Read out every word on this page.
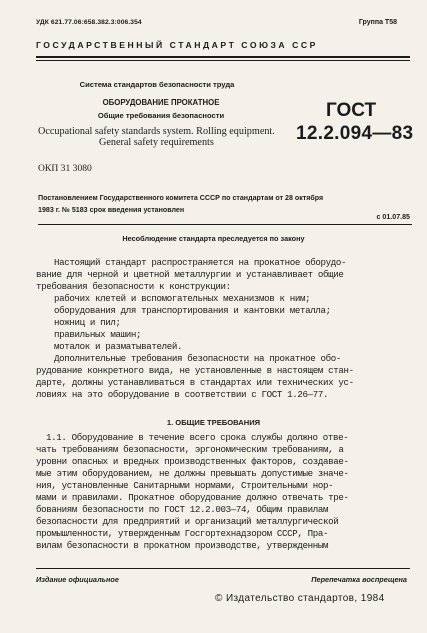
УДК 621.77.06:658.382.3:006.354	Группа Т58
ГОСУДАРСТВЕННЫЙ СТАНДАРТ СОЮЗА ССР
Система стандартов безопасности труда
ОБОРУДОВАНИЕ ПРОКАТНОЕ
Общие требования безопасности
Occupational safety standards system. Rolling equipment.
General safety requirements
ГОСТ
12.2.094—83
ОКП 31 3080
Постановлением Государственного комитета СССР по стандартам от 28 октября
1983 г. № 5183 срок введения установлен
с 01.07.85
Несоблюдение стандарта преследуется по закону
Настоящий стандарт распространяется на прокатное оборудо-
вание для черной и цветной металлургии и устанавливает общие
требования безопасности к конструкции:
рабочих клетей и вспомогательных механизмов к ним;
оборудования для транспортирования и кантовки металла;
ножниц и пил;
правильных машин;
моталок и разматывателей.
Дополнительные требования безопасности на прокатное обо-
рудование конкретного вида, не установленные в настоящем стан-
дарте, должны устанавливаться в стандартах или технических ус-
ловиях на это оборудование в соответствии с ГОСТ 1.26—77.
1. ОБЩИЕ ТРЕБОВАНИЯ
1.1. Оборудование в течение всего срока службы должно отве-
чать требованиям безопасности, эргономическим требованиям, а
уровни опасных и вредных производственных факторов, создавае-
мые этим оборудованием, не должны превышать допустимые значе-
ния, установленные Санитарными нормами, Строительными нор-
мами и правилами. Прокатное оборудование должно отвечать тре-
бованиям безопасности по ГОСТ 12.2.003—74, Общим правилам
безопасности для предприятий и организаций металлургической
промышленности, утвержденным Госгортехнадзором СССР, Пра-
вилам безопасности в прокатном производстве, утвержденным
Издание официальное	Перепечатка воспрещена
© Издательство стандартов, 1984
